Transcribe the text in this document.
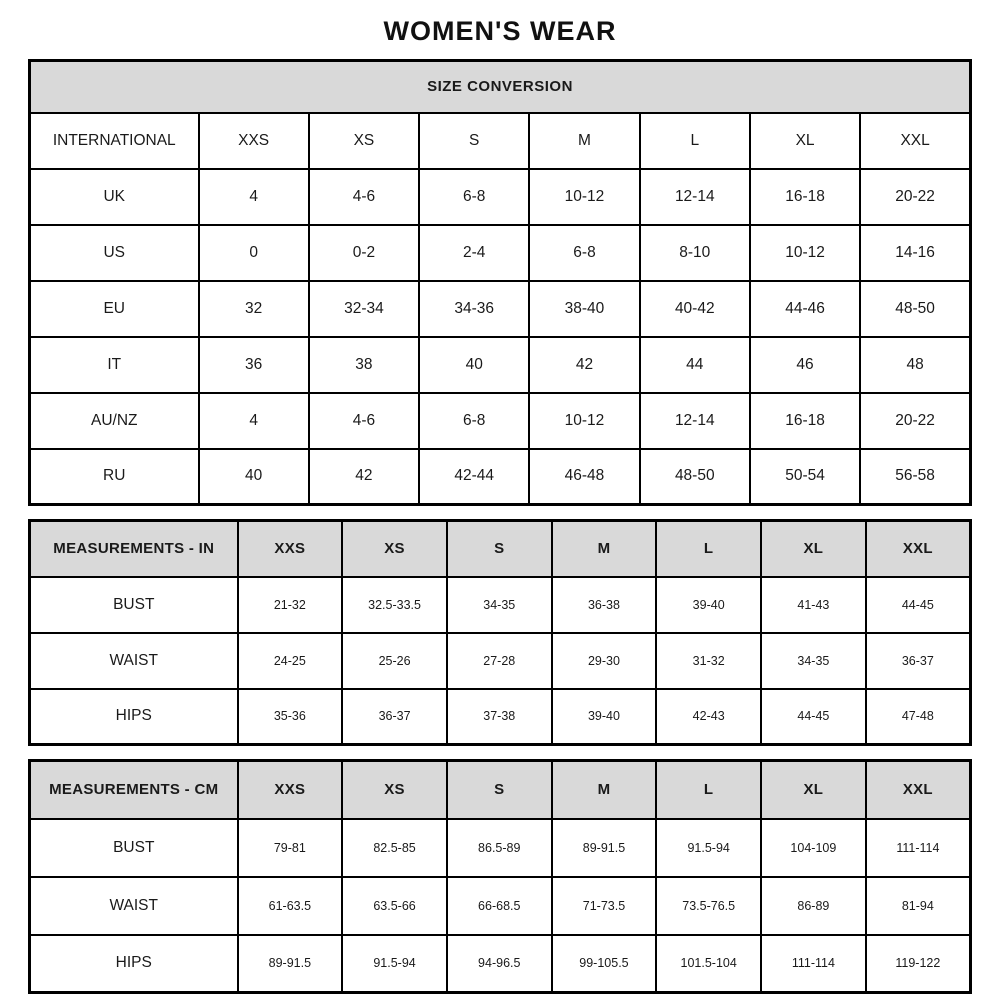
WOMEN'S WEAR
SIZE CONVERSION							
INTERNATIONAL	XXS	XS	S	M	L	XL	XXL
UK	4	4-6	6-8	10-12	12-14	16-18	20-22
US	0	0-2	2-4	6-8	8-10	10-12	14-16
EU	32	32-34	34-36	38-40	40-42	44-46	48-50
IT	36	38	40	42	44	46	48
AU/NZ	4	4-6	6-8	10-12	12-14	16-18	20-22
RU	40	42	42-44	46-48	48-50	50-54	56-58
MEASUREMENTS - IN	XXS	XS	S	M	L	XL	XXL
BUST	21-32	32.5-33.5	34-35	36-38	39-40	41-43	44-45
WAIST	24-25	25-26	27-28	29-30	31-32	34-35	36-37
HIPS	35-36	36-37	37-38	39-40	42-43	44-45	47-48
MEASUREMENTS - CM	XXS	XS	S	M	L	XL	XXL
BUST	79-81	82.5-85	86.5-89	89-91.5	91.5-94	104-109	111-114
WAIST	61-63.5	63.5-66	66-68.5	71-73.5	73.5-76.5	86-89	81-94
HIPS	89-91.5	91.5-94	94-96.5	99-105.5	101.5-104	111-114	119-122
